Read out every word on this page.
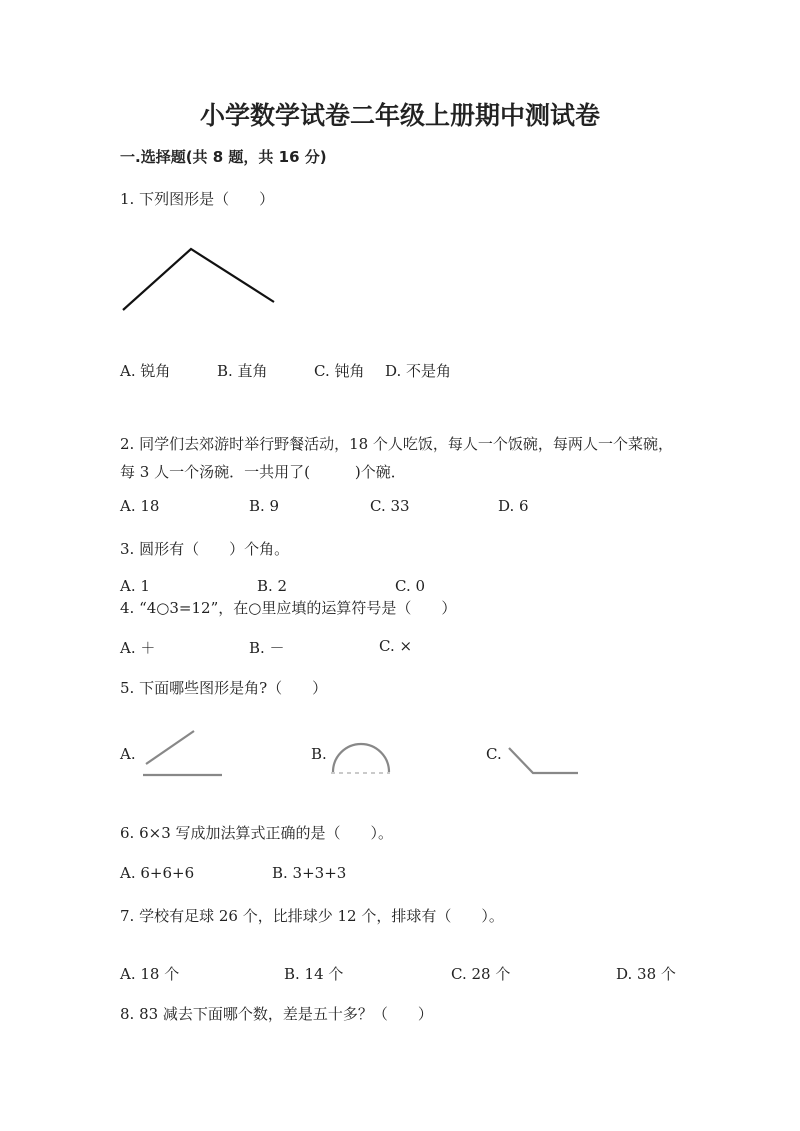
小学数学试卷二年级上册期中测试卷
一.选择题(共 8 题，共 16 分)
1. 下列图形是（　　）
A. 锐角	B. 直角	C. 钝角 D. 不是角
2. 同学们去郊游时举行野餐活动，18 个人吃饭，每人一个饭碗，每两人一个菜碗，每 3 人一个汤碗．一共用了(　　　)个碗．
A. 18	B. 9	C. 33	D. 6
3. 圆形有（　　）个角。
A. 1	B. 2	C. 0
4. “4○3=12”，在○里应填的运算符号是（　　）
A. ＋	B. －	C. ×
5. 下面哪些图形是角?（　　）
A.	B.	C.
6. 6×3 写成加法算式正确的是（　　）。
A. 6+6+6	B. 3+3+3
7. 学校有足球 26 个，比排球少 12 个，排球有（　　）。
A. 18 个	B. 14 个	C. 28 个	D. 38 个
8. 83 减去下面哪个数，差是五十多？（　　）
